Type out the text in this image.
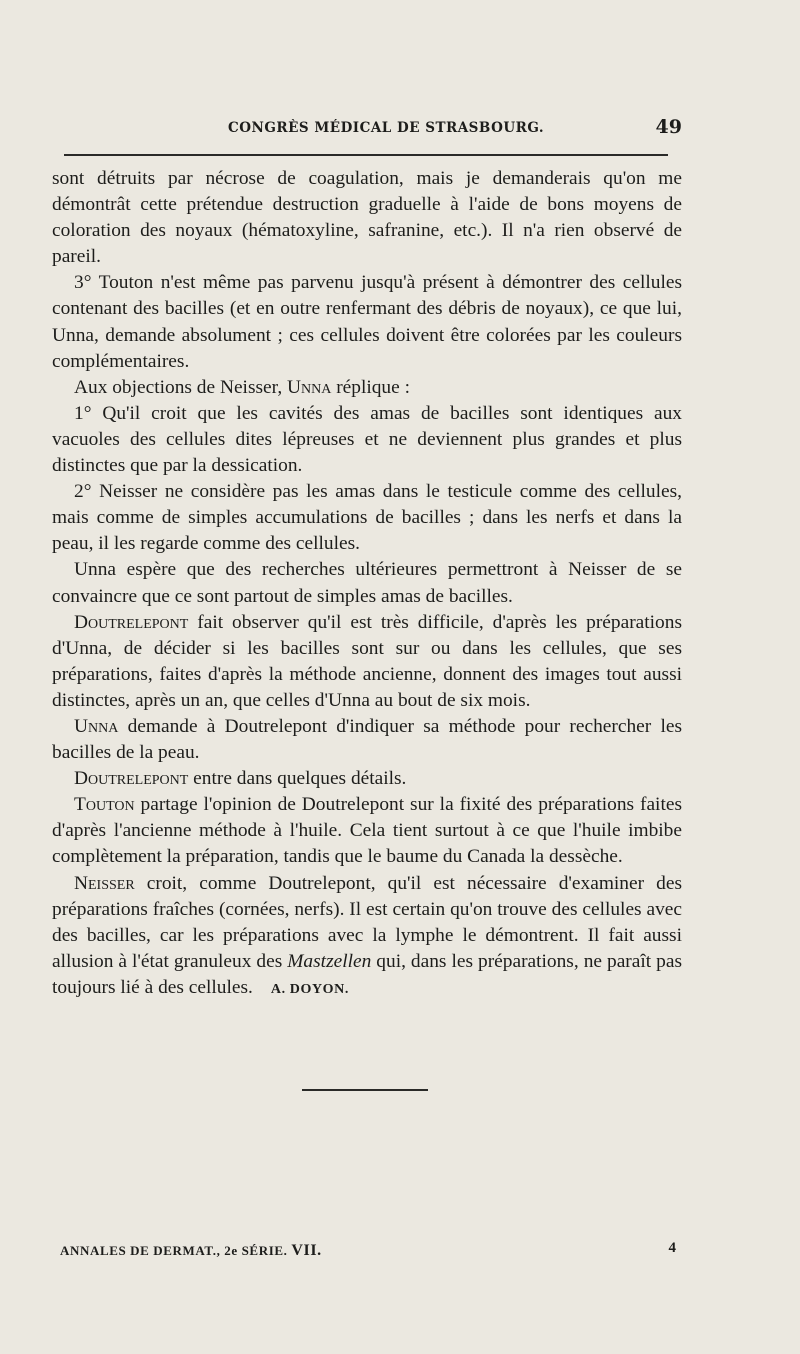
CONGRÈS MÉDICAL DE STRASBOURG.	49

sont détruits par nécrose de coagulation, mais je demanderais qu'on me démontrât cette prétendue destruction graduelle à l'aide de bons moyens de coloration des noyaux (hématoxyline, safranine, etc.). Il n'a rien observé de pareil.

3° Touton n'est même pas parvenu jusqu'à présent à démontrer des cellules contenant des bacilles (et en outre renfermant des débris de noyaux), ce que lui, Unna, demande absolument ; ces cellules doivent être colorées par les couleurs complémentaires.

Aux objections de Neisser, Unna réplique :

1° Qu'il croit que les cavités des amas de bacilles sont identiques aux vacuoles des cellules dites lépreuses et ne deviennent plus grandes et plus distinctes que par la dessication.

2° Neisser ne considère pas les amas dans le testicule comme des cellules, mais comme de simples accumulations de bacilles ; dans les nerfs et dans la peau, il les regarde comme des cellules.

Unna espère que des recherches ultérieures permettront à Neisser de se convaincre que ce sont partout de simples amas de bacilles.

Doutrelepont fait observer qu'il est très difficile, d'après les préparations d'Unna, de décider si les bacilles sont sur ou dans les cellules, que ses préparations, faites d'après la méthode ancienne, donnent des images tout aussi distinctes, après un an, que celles d'Unna au bout de six mois.

Unna demande à Doutrelepont d'indiquer sa méthode pour rechercher les bacilles de la peau.

Doutrelepont entre dans quelques détails.

Touton partage l'opinion de Doutrelepont sur la fixité des préparations faites d'après l'ancienne méthode à l'huile. Cela tient surtout à ce que l'huile imbibe complètement la préparation, tandis que le baume du Canada la dessèche.

Neisser croit, comme Doutrelepont, qu'il est nécessaire d'examiner des préparations fraîches (cornées, nerfs). Il est certain qu'on trouve des cellules avec des bacilles, car les préparations avec la lymphe le démontrent. Il fait aussi allusion à l'état granuleux des Mastzellen qui, dans les préparations, ne paraît pas toujours lié à des cellules. A. DOYON.

ANNALES DE DERMAT., 2e SÉRIE. VII.	4
